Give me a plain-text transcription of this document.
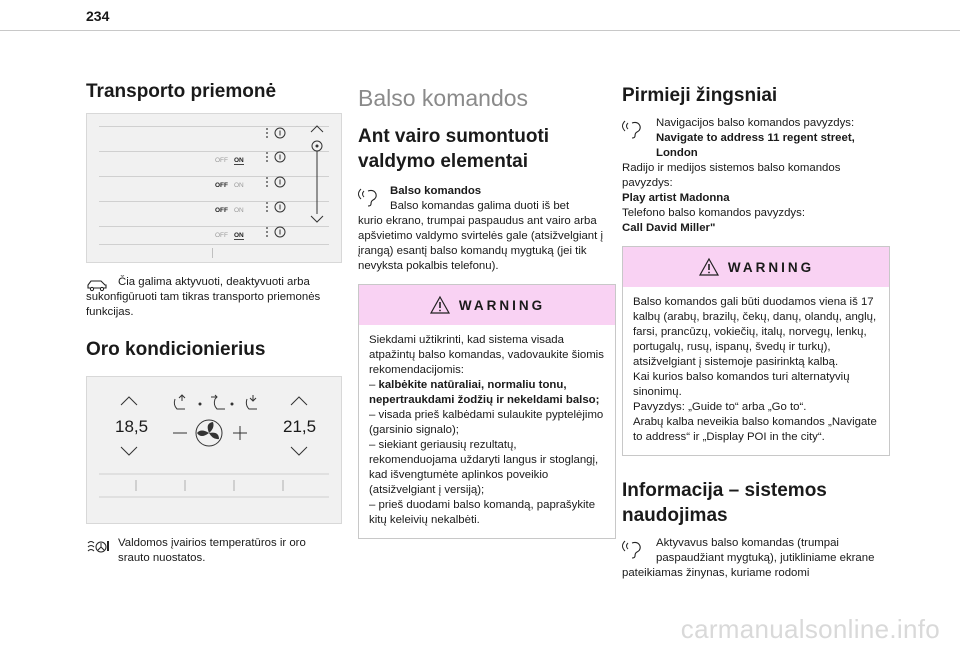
234
Transporto priemonė
OFF ON
OFF ON
OFF ON
OFF ON
Čia galima aktyvuoti, deaktyvuoti arba sukonfigūruoti tam tikras transporto priemonės funkcijas.
Oro kondicionierius
18,5	21,5
Valdomos įvairios temperatūros ir oro srauto nuostatos.
Balso komandos
Ant vairo sumontuoti valdymo elementai
Balso komandos
Balso komandas galima duoti iš bet
kurio ekrano, trumpai paspaudus ant vairo arba apšvietimo valdymo svirtelės gale (atsižvelgiant į įrangą) esantį balso komandų mygtuką (jei tik nevyksta pokalbis telefonu).
WARNING
Siekdami užtikrinti, kad sistema visada atpažintų balso komandas, vadovaukite šiomis rekomendacijomis:
– kalbėkite natūraliai, normaliu tonu, nepertraukdami žodžių ir nekeldami balso;
– visada prieš kalbėdami sulaukite pyptelėjimo (garsinio signalo);
– siekiant geriausių rezultatų, rekomenduojama uždaryti langus ir stoglangį, kad išvengtumėte aplinkos poveikio (atsižvelgiant į versiją);
– prieš duodami balso komandą, paprašykite kitų keleivių nekalbėti.
Pirmieji žingsniai
Navigacijos balso komandos pavyzdys:
Navigate to address 11 regent street, London
Radijo ir medijos sistemos balso komandos pavyzdys:
Play artist Madonna
Telefono balso komandos pavyzdys:
Call David Miller"
WARNING
Balso komandos gali būti duodamos viena iš 17 kalbų (arabų, brazilų, čekų, danų, olandų, anglų, farsi, prancūzų, vokiečių, italų, norvegų, lenkų, portugalų, rusų, ispanų, švedų ir turkų), atsižvelgiant į sistemoje pasirinktą kalbą.
Kai kurios balso komandos turi alternatyvių sinonimų.
Pavyzdys: „Guide to“ arba „Go to“.
Arabų kalba neveikia balso komandos „Navigate to address“ ir „Display POI in the city“.
Informacija – sistemos naudojimas
Aktyvavus balso komandas (trumpai
paspaudžiant mygtuką), jutikliniame ekrane pateikiamas žinynas, kuriame rodomi
carmanualsonline.info
